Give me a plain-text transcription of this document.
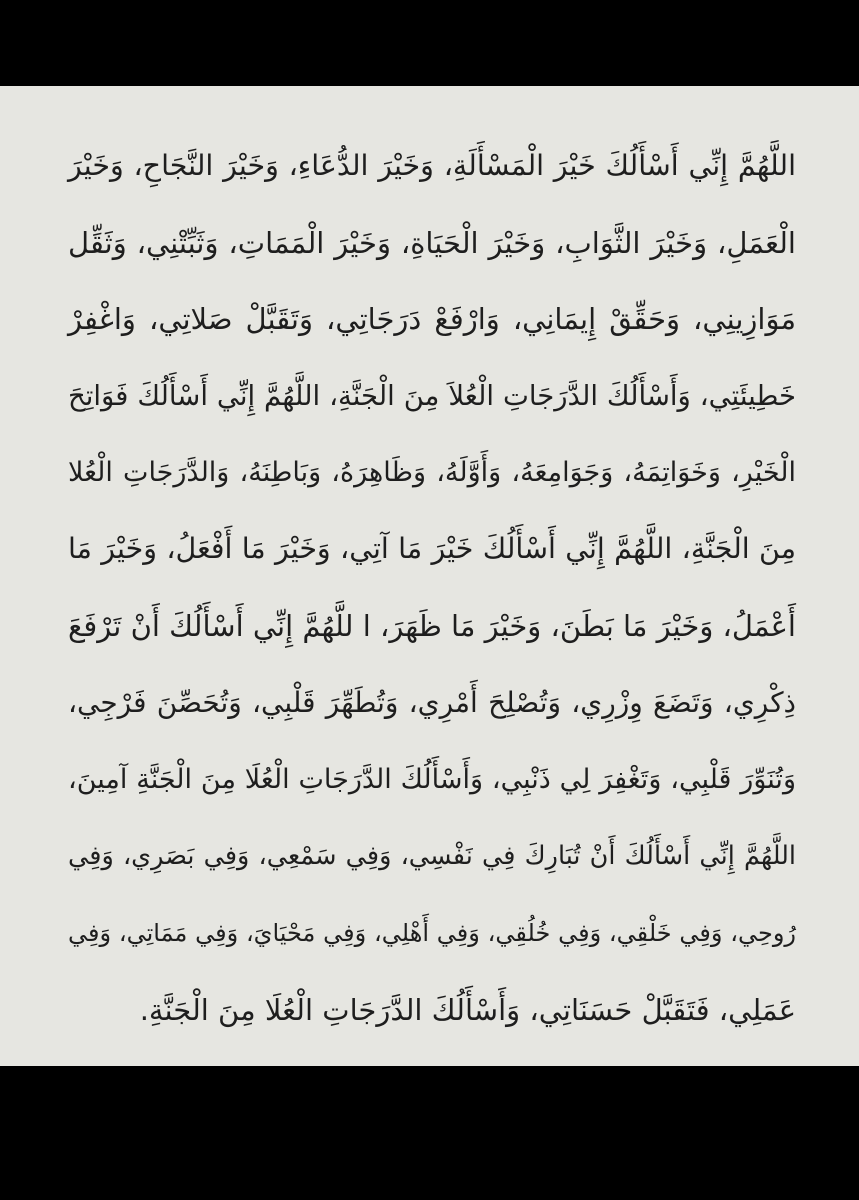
اللَّهُمَّ إِنِّي أَسْأَلُكَ خَيْرَ الْمَسْأَلَةِ، وَخَيْرَ الدُّعَاءِ، وَخَيْرَ النَّجَاحِ، وَخَيْرَ
الْعَمَلِ، وَخَيْرَ الثَّوَابِ، وَخَيْرَ الْحَيَاةِ، وَخَيْرَ الْمَمَاتِ، وَثَبِّتْنِي، وَثَقِّل
مَوَازِينِي، وَحَقِّقْ إِيمَانِي، وَارْفَعْ دَرَجَاتِي، وَتَقَبَّلْ صَلاتِي، وَاغْفِرْ
خَطِيئَتِي، وَأَسْأَلُكَ الدَّرَجَاتِ الْعُلاَ مِنَ الْجَنَّةِ، اللَّهُمَّ إِنِّي أَسْأَلُكَ فَوَاتِحَ
الْخَيْرِ، وَخَوَاتِمَهُ، وَجَوَامِعَهُ، وَأَوَّلَهُ، وَظَاهِرَهُ، وَبَاطِنَهُ، وَالدَّرَجَاتِ الْعُلا
مِنَ الْجَنَّةِ، اللَّهُمَّ إِنِّي أَسْأَلُكَ خَيْرَ مَا آتِي، وَخَيْرَ مَا أَفْعَلُ، وَخَيْرَ مَا
أَعْمَلُ، وَخَيْرَ مَا بَطَنَ، وَخَيْرَ مَا ظَهَرَ، ا للَّهُمَّ إِنِّي أَسْأَلُكَ أَنْ تَرْفَعَ
ذِكْرِي، وَتَضَعَ وِزْرِي، وَتُصْلِحَ أَمْرِي، وَتُطَهِّرَ قَلْبِي، وَتُحَصِّنَ فَرْجِي،
وَتُنَوِّرَ قَلْبِي، وَتَغْفِرَ لِي ذَنْبِي، وَأَسْأَلُكَ الدَّرَجَاتِ الْعُلَا مِنَ الْجَنَّةِ آمِينَ،
اللَّهُمَّ إِنِّي أَسْأَلُكَ أَنْ تُبَارِكَ فِي نَفْسِي، وَفِي سَمْعِي، وَفِي بَصَرِي، وَفِي
رُوحِي، وَفِي خَلْقِي، وَفِي خُلُقِي، وَفِي أَهْلِي، وَفِي مَحْيَايَ، وَفِي مَمَاتِي، وَفِي
عَمَلِي، فَتَقَبَّلْ حَسَنَاتِي، وَأَسْأَلُكَ الدَّرَجَاتِ الْعُلَا مِنَ الْجَنَّةِ.
